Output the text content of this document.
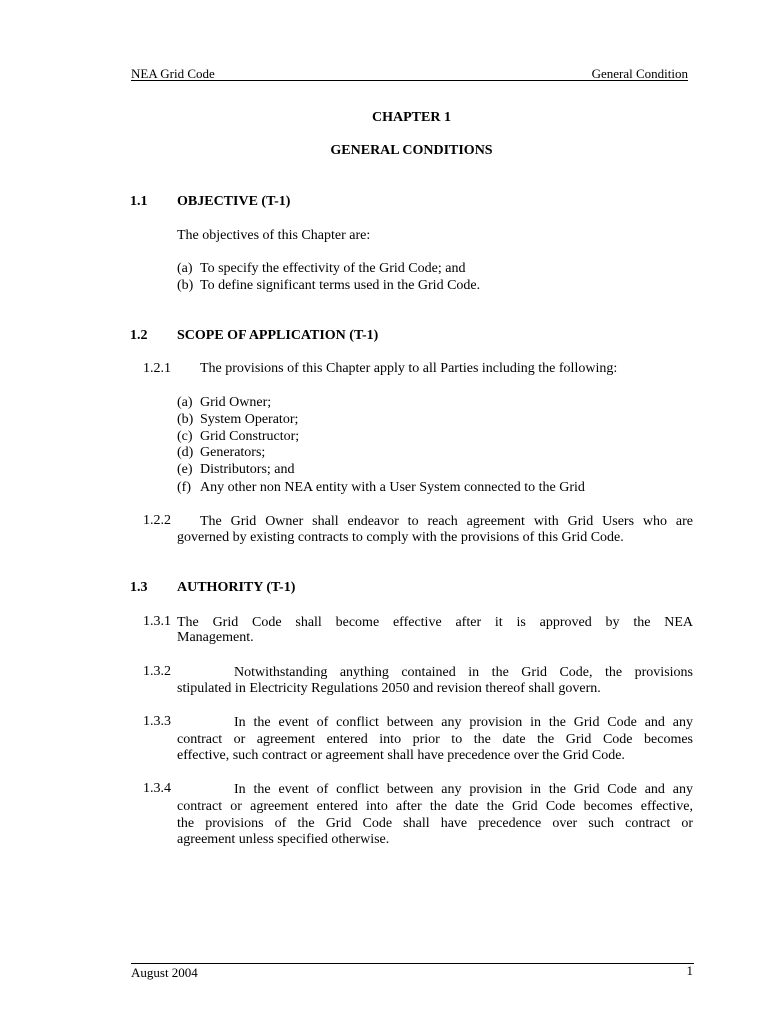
NEA Grid Code	General Condition
CHAPTER 1
GENERAL CONDITIONS
1.1 OBJECTIVE (T-1)
The objectives of this Chapter are:
(a) To specify the effectivity of the Grid Code; and
(b) To define significant terms used in the Grid Code.
1.2 SCOPE OF APPLICATION (T-1)
1.2.1 The provisions of this Chapter apply to all Parties including the following:
(a) Grid Owner;
(b) System Operator;
(c) Grid Constructor;
(d) Generators;
(e) Distributors; and
(f) Any other non NEA entity with a User System connected to the Grid
1.2.2 The Grid Owner shall endeavor to reach agreement with Grid Users who are
governed by existing contracts to comply with the provisions of this Grid Code.
1.3 AUTHORITY (T-1)
1.3.1 The Grid Code shall become effective after it is approved by the NEA
Management.
1.3.2	Notwithstanding anything contained in the Grid Code, the provisions
stipulated in Electricity Regulations 2050 and revision thereof shall govern.
1.3.3	In the event of conflict between any provision in the Grid Code and any
contract or agreement entered into prior to the date the Grid Code becomes
effective, such contract or agreement shall have precedence over the Grid Code.
1.3.4	In the event of conflict between any provision in the Grid Code and any
contract or agreement entered into after the date the Grid Code becomes effective,
the provisions of the Grid Code shall have precedence over such contract or
agreement unless specified otherwise.
August 2004	1
